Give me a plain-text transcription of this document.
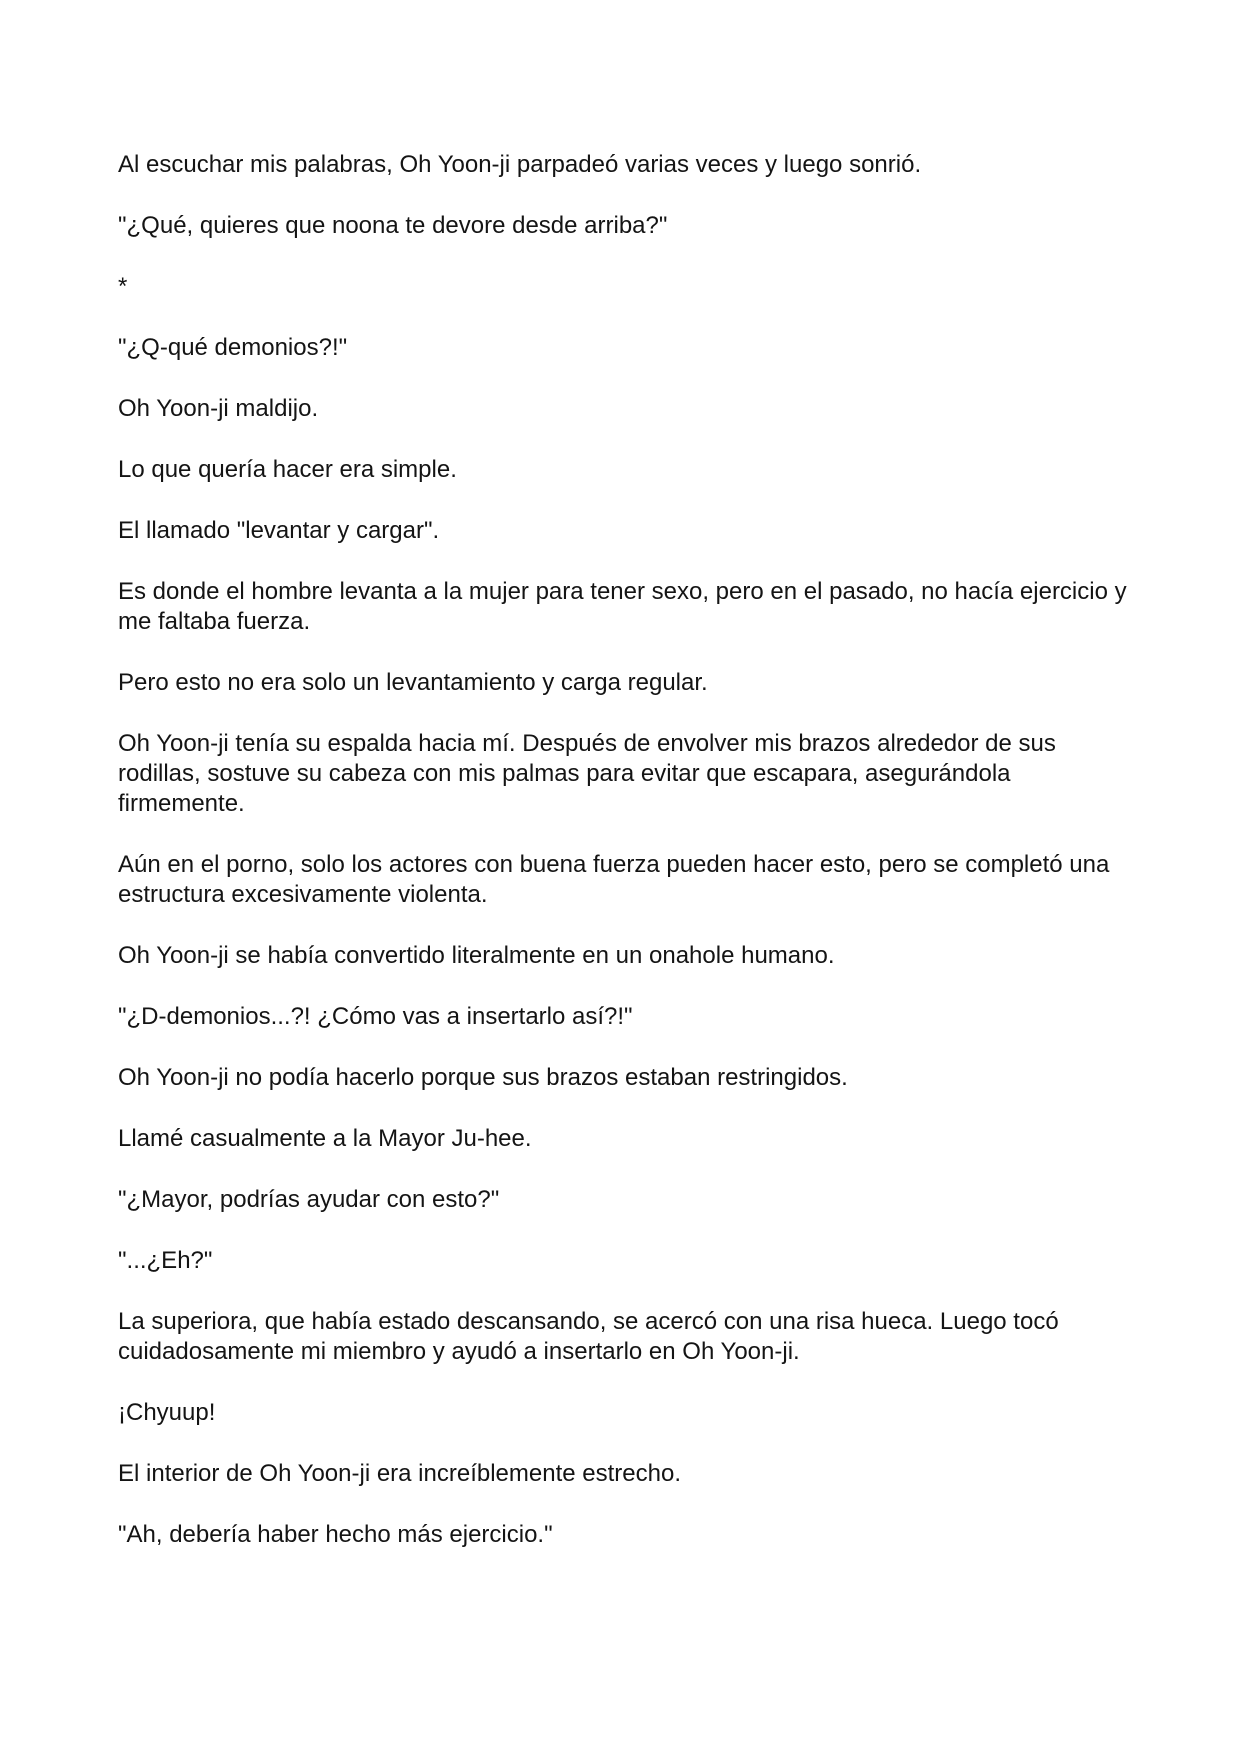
Al escuchar mis palabras, Oh Yoon-ji parpadeó varias veces y luego sonrió.

"¿Qué, quieres que noona te devore desde arriba?"

*

"¿Q-qué demonios?!"

Oh Yoon-ji maldijo.

Lo que quería hacer era simple.

El llamado "levantar y cargar".

Es donde el hombre levanta a la mujer para tener sexo, pero en el pasado, no hacía ejercicio y me faltaba fuerza.

Pero esto no era solo un levantamiento y carga regular.

Oh Yoon-ji tenía su espalda hacia mí. Después de envolver mis brazos alrededor de sus rodillas, sostuve su cabeza con mis palmas para evitar que escapara, asegurándola firmemente.

Aún en el porno, solo los actores con buena fuerza pueden hacer esto, pero se completó una estructura excesivamente violenta.

Oh Yoon-ji se había convertido literalmente en un onahole humano.

"¿D-demonios...?! ¿Cómo vas a insertarlo así?!"

Oh Yoon-ji no podía hacerlo porque sus brazos estaban restringidos.

Llamé casualmente a la Mayor Ju-hee.

"¿Mayor, podrías ayudar con esto?"

"...¿Eh?"

La superiora, que había estado descansando, se acercó con una risa hueca. Luego tocó cuidadosamente mi miembro y ayudó a insertarlo en Oh Yoon-ji.

¡Chyuup!

El interior de Oh Yoon-ji era increíblemente estrecho.

"Ah, debería haber hecho más ejercicio."
